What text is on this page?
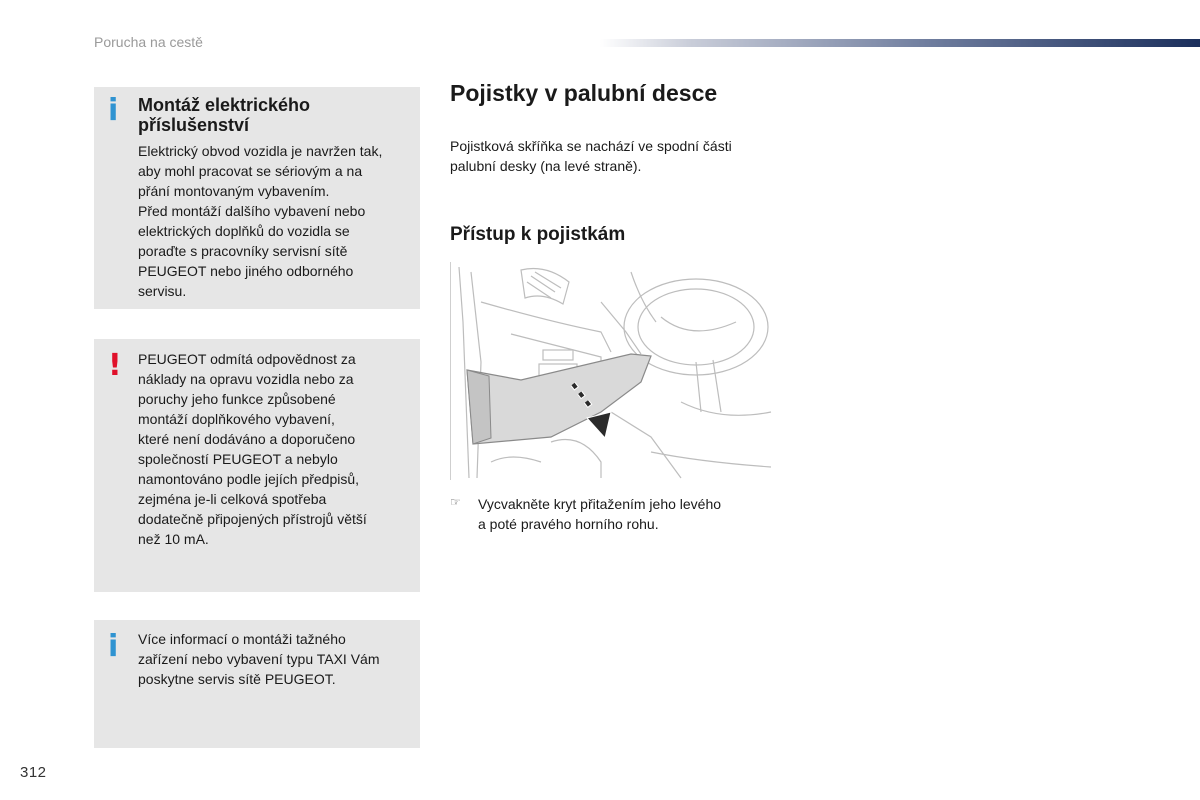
Porucha na cestě
i Montáž elektrického příslušenství
Elektrický obvod vozidla je navržen tak,
aby mohl pracovat se sériovým a na
přání montovaným vybavením.
Před montáží dalšího vybavení nebo
elektrických doplňků do vozidla se
poraďte s pracovníky servisní sítě
PEUGEOT nebo jiného odborného
servisu.
! PEUGEOT odmítá odpovědnost za
náklady na opravu vozidla nebo za
poruchy jeho funkce způsobené
montáží doplňkového vybavení,
které není dodáváno a doporučeno
společností PEUGEOT a nebylo
namontováno podle jejích předpisů,
zejména je-li celková spotřeba
dodatečně připojených přístrojů větší
než 10 mA.
i Více informací o montáži tažného
zařízení nebo vybavení typu TAXI Vám
poskytne servis sítě PEUGEOT.
Pojistky v palubní desce
Pojistková skříňka se nachází ve spodní části
palubní desky (na levé straně).
Přístup k pojistkám
☞ Vycvakněte kryt přitažením jeho levého
a poté pravého horního rohu.
312
